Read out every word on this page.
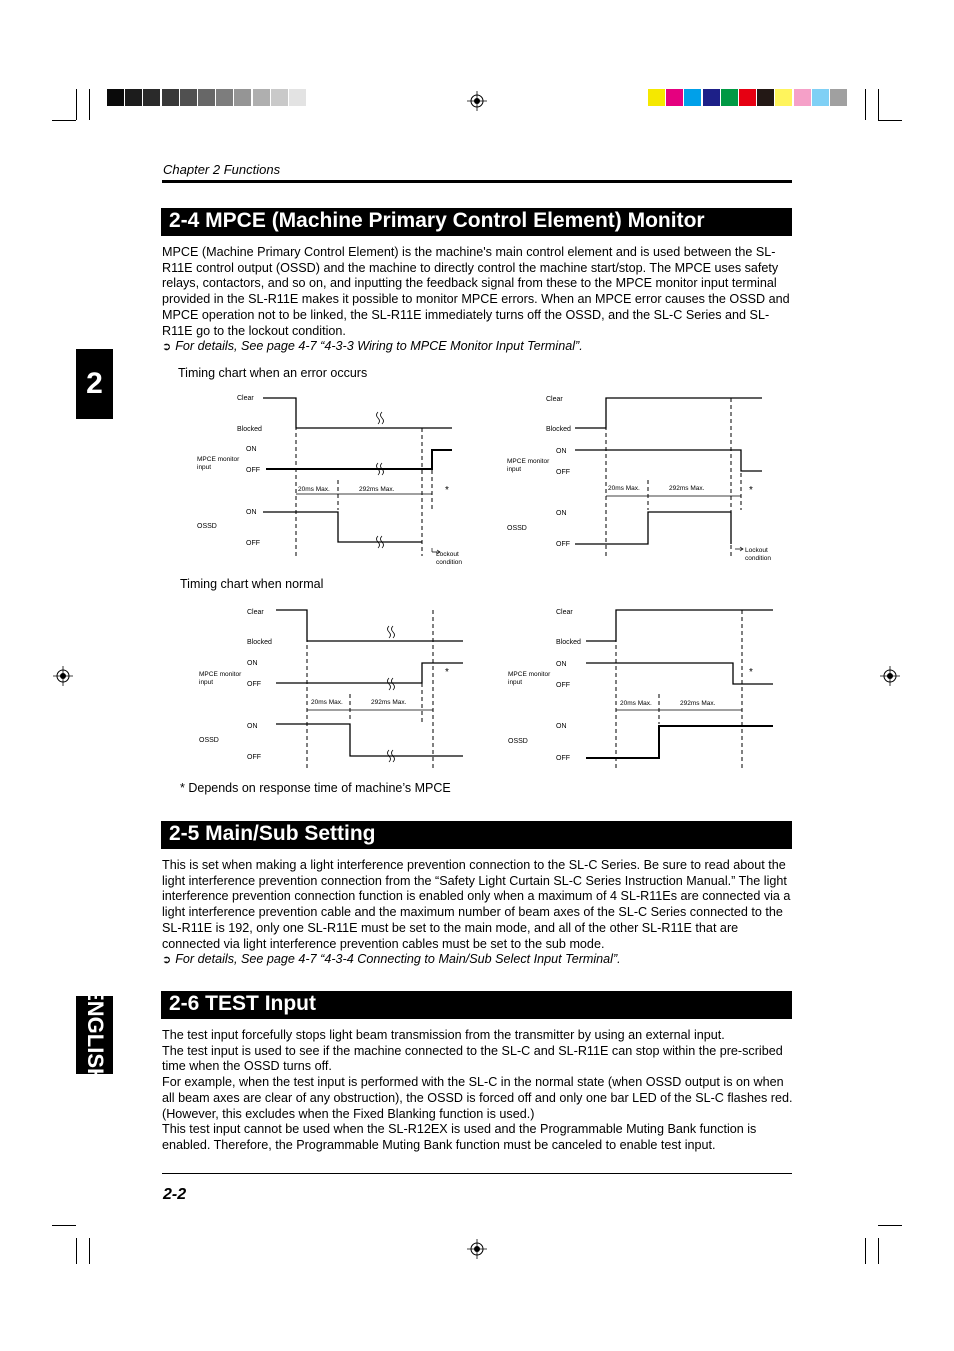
Chapter 2 Functions
2
ENGLISH
2-4 MPCE (Machine Primary Control Element) Monitor

MPCE (Machine Primary Control Element) is the machine's main control element and is used between the SL-R11E control output (OSSD) and the machine to directly control the machine start/stop. The MPCE uses safety relays, contactors, and so on, and inputting the feedback signal from these to the MPCE monitor input terminal provided in the SL-R11E makes it possible to monitor MPCE errors. When an MPCE error causes the OSSD and MPCE operation not to be linked, the SL-R11E immediately turns off the OSSD, and the SL-C Series and SL-R11E go to the lockout condition.

➲ For details, See page 4-7 “4-3-3 Wiring to MPCE Monitor Input Terminal”.

Timing chart when an error occurs
Timing chart when normal
Clear
Blocked
ON
MPCE monitor
input	OFF
ON
OSSD
OFF
20ms Max.	292ms Max.	*
Lockout
condition
Clear
Blocked
ON
MPCE monitor
input	OFF
ON
OSSD
OFF
20ms Max.	292ms Max.	*
Lockout
condition
Clear
Blocked
ON
MPCE monitor
input	OFF
ON
OSSD
OFF
20ms Max.	292ms Max.
*
Clear
Blocked
ON
MPCE monitor
input	OFF
ON
OSSD
OFF
20ms Max.	292ms Max.
*
* Depends on response time of machine’s MPCE
2-5 Main/Sub Setting

This is set when making a light interference prevention connection to the SL-C Series. Be sure to read about the light interference prevention connection from the “Safety Light Curtain SL-C Series Instruction Manual.” The light interference prevention connection function is enabled only when a maximum of 4 SL-R11Es are connected via a light interference prevention cable and the maximum number of beam axes of the SL-C Series connected to the SL-R11E is 192, only one SL-R11E must be set to the main mode, and all of the other SL-R11E that are connected via light interference prevention cables must be set to the sub mode.

➲ For details, See page 4-7 “4-3-4 Connecting to Main/Sub Select Input Terminal”.

2-6 TEST Input

The test input forcefully stops light beam transmission from the transmitter by using an external input.

The test input is used to see if the machine connected to the SL-C and SL-R11E can stop within the pre-scribed time when the OSSD turns off.

For example, when the test input is performed with the SL-C in the normal state (when OSSD output is on when all beam axes are clear of any obstruction), the OSSD is forced off and only one bar LED of the SL-C flashes red. (However, this excludes when the Fixed Blanking function is used.)

This test input cannot be used when the SL-R12EX is used and the Programmable Muting Bank function is enabled. Therefore, the Programmable Muting Bank function must be canceled to enable test input.

2-2
